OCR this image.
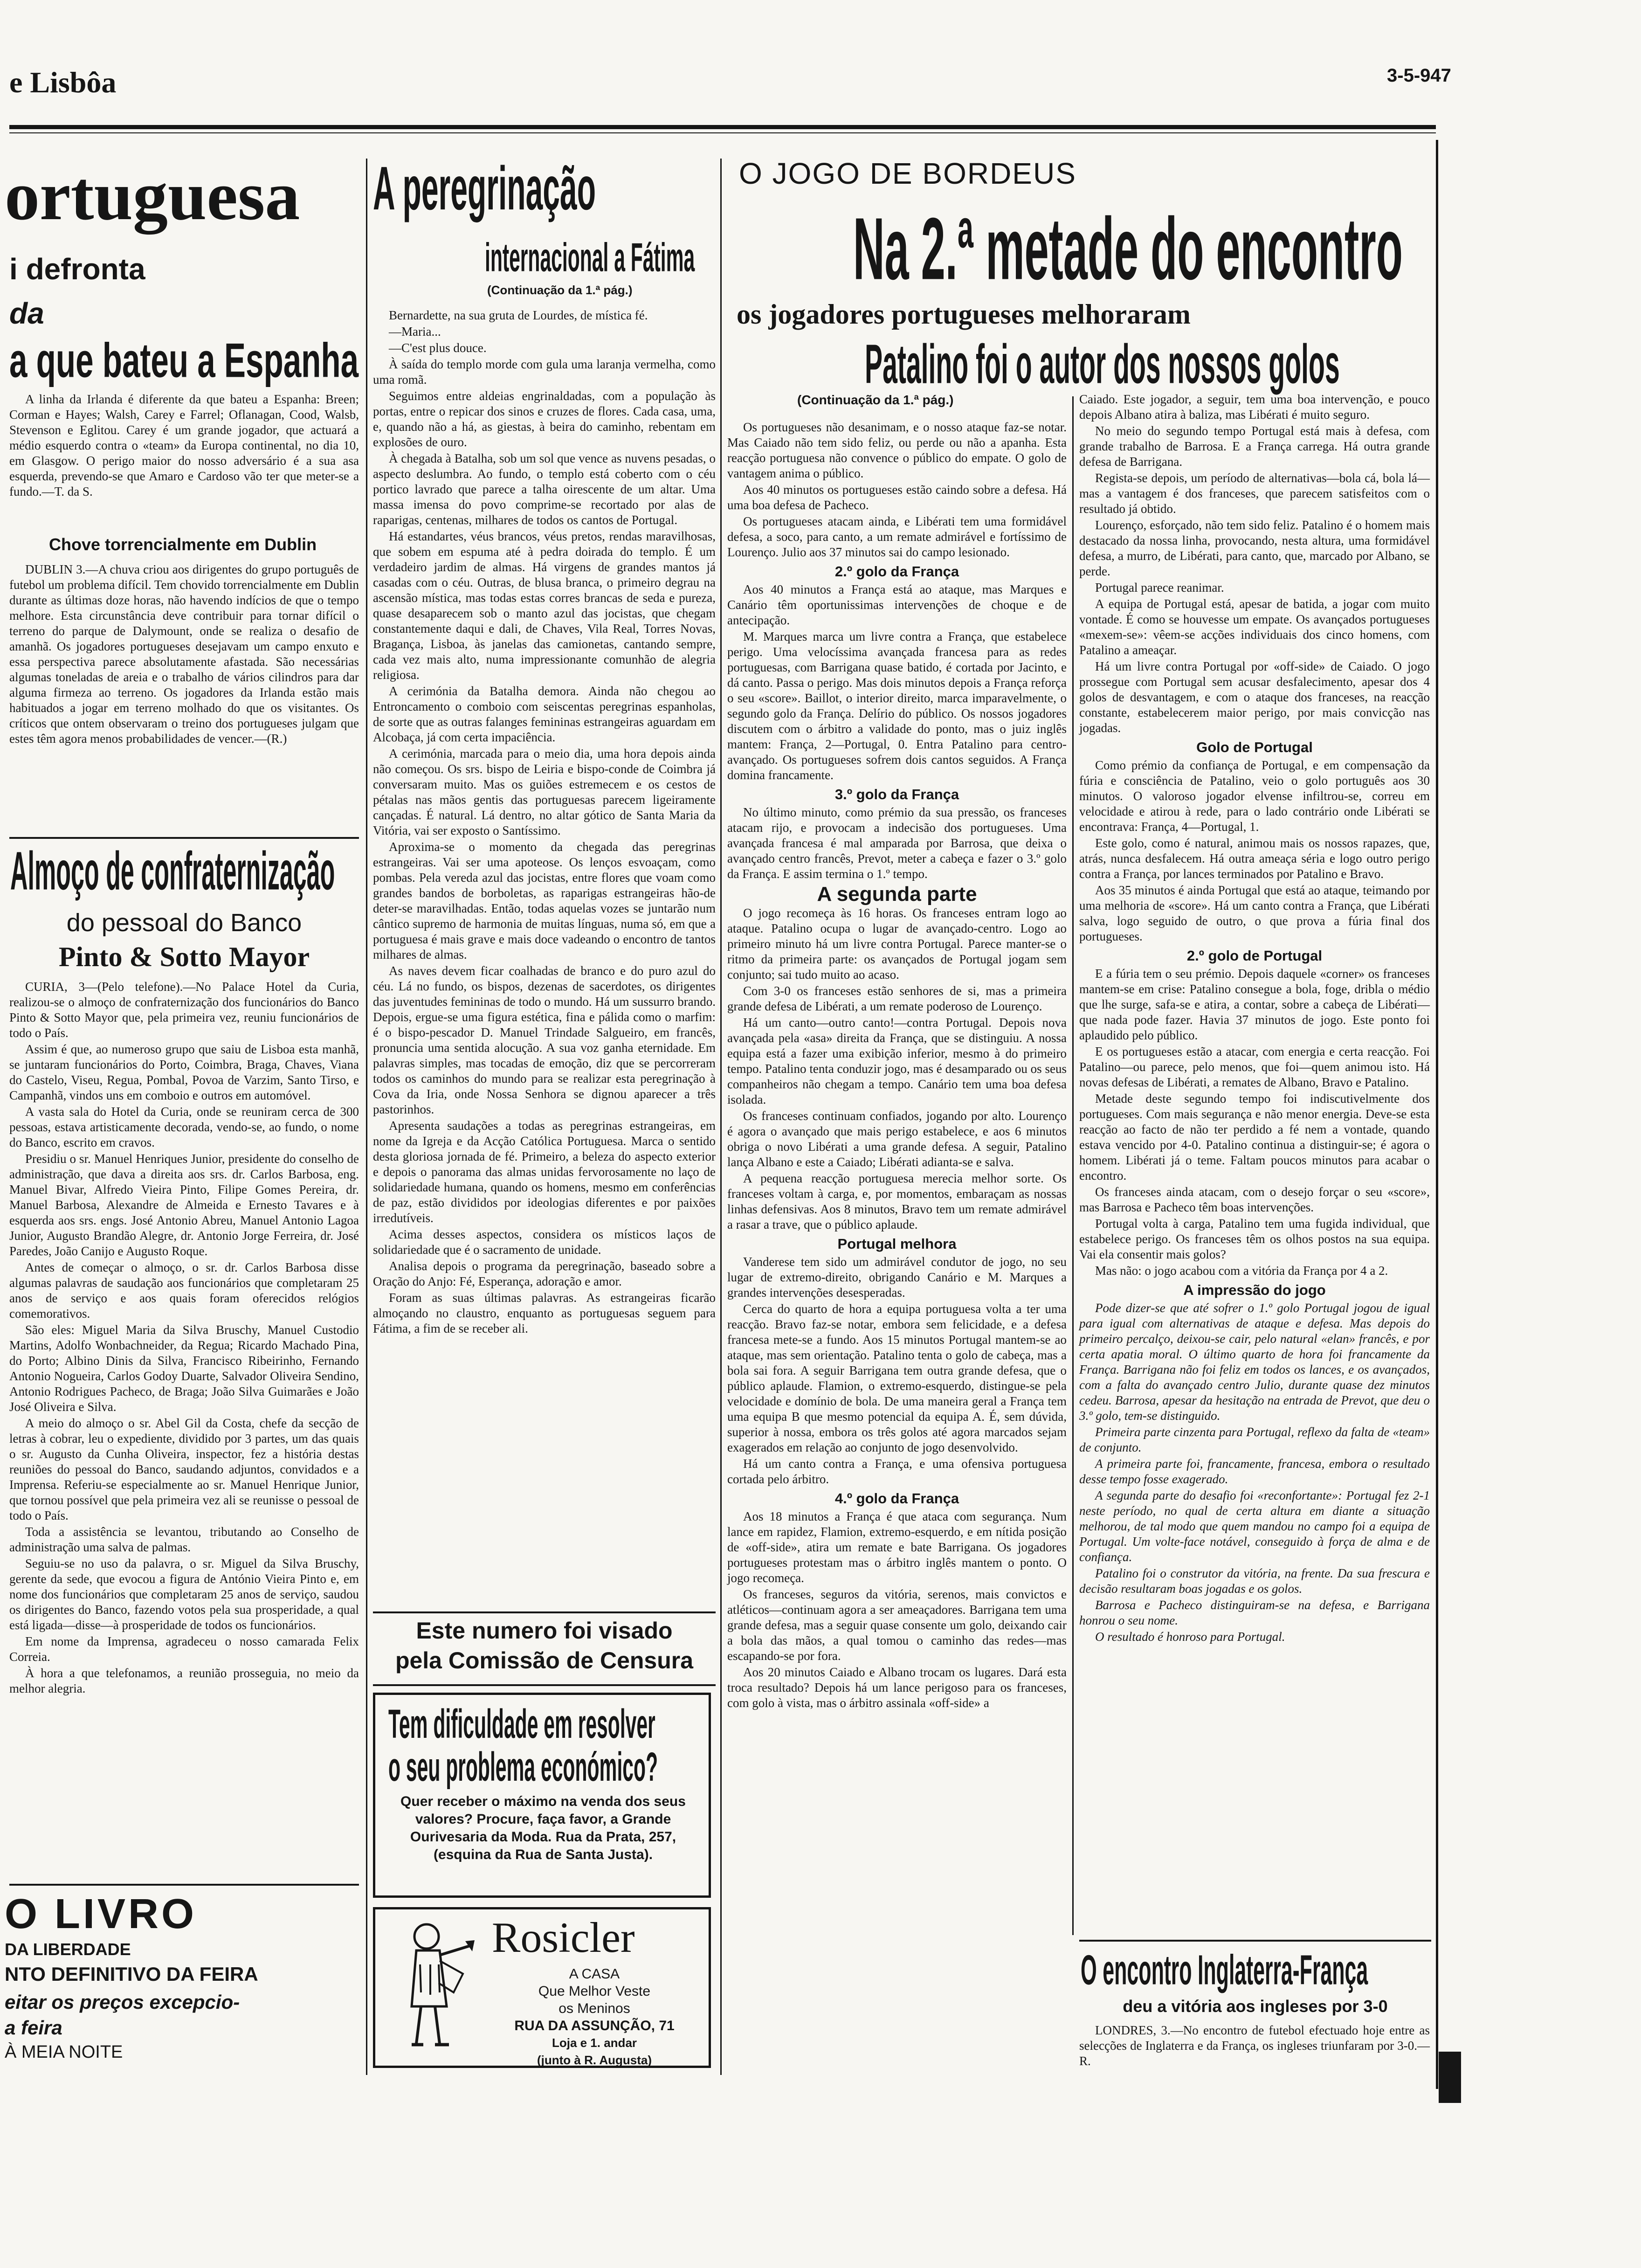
e Lisbôa	3-5-947
ortuguesa
i defronta
da
a que bateu a Espanha

A linha da Irlanda é diferente da que bateu a Espanha: Breen; Corman e Hayes; Walsh, Carey e Farrel; Oflanagan, Cood, Walsb, Stevenson e Eglitou. Carey é um grande jogador, que actuará a médio esquerdo contra o «team» da Europa continental, no dia 10, em Glasgow. O perigo maior do nosso adversário é a sua asa esquerda, prevendo-se que Amaro e Cardoso vão ter que meter-se a fundo.—T. da S.

Chove torrencialmente em Dublin

DUBLIN 3.—A chuva criou aos dirigentes do grupo português de futebol um problema difícil. Tem chovido torrencialmente em Dublin durante as últimas doze horas, não havendo indícios de que o tempo melhore. Esta circunstância deve contribuir para tornar difícil o terreno do parque de Dalymount, onde se realiza o desafio de amanhã. Os jogadores portugueses desejavam um campo enxuto e essa perspectiva parece absolutamente afastada. São necessárias algumas toneladas de areia e o trabalho de vários cilindros para dar alguma firmeza ao terreno. Os jogadores da Irlanda estão mais habituados a jogar em terreno molhado do que os visitantes. Os críticos que ontem observaram o treino dos portugueses julgam que estes têm agora menos probabilidades de vencer.—(R.)

Almoço de confraternização
do pessoal do Banco
Pinto & Sotto Mayor

CURIA, 3—(Pelo telefone).—No Palace Hotel da Curia, realizou-se o almoço de confraternização dos funcionários do Banco Pinto & Sotto Mayor que, pela primeira vez, reuniu funcionários de todo o País.

Assim é que, ao numeroso grupo que saiu de Lisboa esta manhã, se juntaram funcionários do Porto, Coimbra, Braga, Chaves, Viana do Castelo, Viseu, Regua, Pombal, Povoa de Varzim, Santo Tirso, e Campanhã, vindos uns em comboio e outros em automóvel.

A vasta sala do Hotel da Curia, onde se reuniram cerca de 300 pessoas, estava artisticamente decorada, vendo-se, ao fundo, o nome do Banco, escrito em cravos.

Presidiu o sr. Manuel Henriques Junior, presidente do conselho de administração, que dava a direita aos srs. dr. Carlos Barbosa, eng. Manuel Bivar, Alfredo Vieira Pinto, Filipe Gomes Pereira, dr. Manuel Barbosa, Alexandre de Almeida e Ernesto Tavares e à esquerda aos srs. engs. José Antonio Abreu, Manuel Antonio Lagoa Junior, Augusto Brandão Alegre, dr. Antonio Jorge Ferreira, dr. José Paredes, João Canijo e Augusto Roque.

Antes de começar o almoço, o sr. dr. Carlos Barbosa disse algumas palavras de saudação aos funcionários que completaram 25 anos de serviço e aos quais foram oferecidos relógios comemorativos.

São eles: Miguel Maria da Silva Bruschy, Manuel Custodio Martins, Adolfo Wonbachneider, da Regua; Ricardo Machado Pina, do Porto; Albino Dinis da Silva, Francisco Ribeirinho, Fernando Antonio Nogueira, Carlos Godoy Duarte, Salvador Oliveira Sendino, Antonio Rodrigues Pacheco, de Braga; João Silva Guimarães e João José Oliveira e Silva.

A meio do almoço o sr. Abel Gil da Costa, chefe da secção de letras à cobrar, leu o expediente, dividido por 3 partes, um das quais o sr. Augusto da Cunha Oliveira, inspector, fez a história destas reuniões do pessoal do Banco, saudando adjuntos, convidados e a Imprensa. Referiu-se especialmente ao sr. Manuel Henrique Junior, que tornou possível que pela primeira vez ali se reunisse o pessoal de todo o País.

Toda a assistência se levantou, tributando ao Conselho de administração uma salva de palmas.

Seguiu-se no uso da palavra, o sr. Miguel da Silva Bruschy, gerente da sede, que evocou a figura de António Vieira Pinto e, em nome dos funcionários que completaram 25 anos de serviço, saudou os dirigentes do Banco, fazendo votos pela sua prosperidade, a qual está ligada—disse—à prosperidade de todos os funcionários.

Em nome da Imprensa, agradeceu o nosso camarada Felix Correia.

À hora a que telefonamos, a reunião prosseguia, no meio da melhor alegria.

O LIVRO
DA LIBERDADE
NTO DEFINITIVO DA FEIRA
eitar os preços excepcio-
a feira
À MEIA NOITE
A peregrinação
internacional a Fátima
(Continuação da 1.ª pág.)

Bernardette, na sua gruta de Lourdes, de mística fé.

—Maria...

—C'est plus douce.

À saída do templo morde com gula uma laranja vermelha, como uma romã.

Seguimos entre aldeias engrinaldadas, com a população às portas, entre o repicar dos sinos e cruzes de flores. Cada casa, uma, e, quando não a há, as giestas, à beira do caminho, rebentam em explosões de ouro.

À chegada à Batalha, sob um sol que vence as nuvens pesadas, o aspecto deslumbra. Ao fundo, o templo está coberto com o céu portico lavrado que parece a talha oirescente de um altar. Uma massa imensa do povo comprime-se recortado por alas de raparigas, centenas, milhares de todos os cantos de Portugal.

Há estandartes, véus brancos, véus pretos, rendas maravilhosas, que sobem em espuma até à pedra doirada do templo. É um verdadeiro jardim de almas. Há virgens de grandes mantos já casadas com o céu. Outras, de blusa branca, o primeiro degrau na ascensão mística, mas todas estas corres brancas de seda e pureza, quase desaparecem sob o manto azul das jocistas, que chegam constantemente daqui e dali, de Chaves, Vila Real, Torres Novas, Bragança, Lisboa, às janelas das camionetas, cantando sempre, cada vez mais alto, numa impressionante comunhão de alegria religiosa.

A cerimónia da Batalha demora. Ainda não chegou ao Entroncamento o comboio com seiscentas peregrinas espanholas, de sorte que as outras falanges femininas estrangeiras aguardam em Alcobaça, já com certa impaciência.

A cerimónia, marcada para o meio dia, uma hora depois ainda não começou. Os srs. bispo de Leiria e bispo-conde de Coimbra já conversaram muito. Mas os guiões estremecem e os cestos de pétalas nas mãos gentis das portuguesas parecem ligeiramente cançadas. É natural. Lá dentro, no altar gótico de Santa Maria da Vitória, vai ser exposto o Santíssimo.

Aproxima-se o momento da chegada das peregrinas estrangeiras. Vai ser uma apoteose. Os lenços esvoaçam, como pombas. Pela vereda azul das jocistas, entre flores que voam como grandes bandos de borboletas, as raparigas estrangeiras hão-de deter-se maravilhadas. Então, todas aquelas vozes se juntarão num cântico supremo de harmonia de muitas línguas, numa só, em que a portuguesa é mais grave e mais doce vadeando o encontro de tantos milhares de almas.

As naves devem ficar coalhadas de branco e do puro azul do céu. Lá no fundo, os bispos, dezenas de sacerdotes, os dirigentes das juventudes femininas de todo o mundo. Há um sussurro brando. Depois, ergue-se uma figura estética, fina e pálida como o marfim: é o bispo-pescador D. Manuel Trindade Salgueiro, em francês, pronuncia uma sentida alocução. A sua voz ganha eternidade. Em palavras simples, mas tocadas de emoção, diz que se percorreram todos os caminhos do mundo para se realizar esta peregrinação à Cova da Iria, onde Nossa Senhora se dignou aparecer a três pastorinhos.

Apresenta saudações a todas as peregrinas estrangeiras, em nome da Igreja e da Acção Católica Portuguesa. Marca o sentido desta gloriosa jornada de fé. Primeiro, a beleza do aspecto exterior e depois o panorama das almas unidas fervorosamente no laço de solidariedade humana, quando os homens, mesmo em conferências de paz, estão divididos por ideologias diferentes e por paixões irredutíveis.

Acima desses aspectos, considera os místicos laços de solidariedade que é o sacramento de unidade.

Analisa depois o programa da peregrinação, baseado sobre a Oração do Anjo: Fé, Esperança, adoração e amor.

Foram as suas últimas palavras. As estrangeiras ficarão almoçando no claustro, enquanto as portuguesas seguem para Fátima, a fim de se receber ali.

Este numero foi visado
pela Comissão de Censura
Tem dificuldade em resolver
o seu problema económico?
Quer receber o máximo na venda dos seus valores? Procure, faça favor, a Grande Ourivesaria da Moda. Rua da Prata, 257, (esquina da Rua de Santa Justa).
Rosicler
A CASA
Que Melhor Veste
os Meninos
RUA DA ASSUNÇÃO, 71
Loja e 1. andar
(junto à R. Augusta)
O JOGO DE BORDEUS
Na 2.ª metade do encontro
os jogadores portugueses melhoraram
Patalino foi o autor dos nossos golos
(Continuação da 1.ª pág.)

Os portugueses não desanimam, e o nosso ataque faz-se notar. Mas Caiado não tem sido feliz, ou perde ou não a apanha. Esta reacção portuguesa não convence o público do empate. O golo de vantagem anima o público.

Aos 40 minutos os portugueses estão caindo sobre a defesa. Há uma boa defesa de Pacheco.

Os portugueses atacam ainda, e Libérati tem uma formidável defesa, a soco, para canto, a um remate admirável e fortíssimo de Lourenço. Julio aos 37 minutos sai do campo lesionado.

2.º golo da França

Aos 40 minutos a França está ao ataque, mas Marques e Canário têm oportunissimas intervenções de choque e de antecipação.

M. Marques marca um livre contra a França, que estabelece perigo. Uma velocíssima avançada francesa para as redes portuguesas, com Barrigana quase batido, é cortada por Jacinto, e dá canto. Passa o perigo. Mas dois minutos depois a França reforça o seu «score». Baillot, o interior direito, marca imparavelmente, o segundo golo da França. Delírio do público. Os nossos jogadores discutem com o árbitro a validade do ponto, mas o juiz inglês mantem: França, 2—Portugal, 0. Entra Patalino para centro-avançado. Os portugueses sofrem dois cantos seguidos. A França domina francamente.

3.º golo da França

No último minuto, como prémio da sua pressão, os franceses atacam rijo, e provocam a indecisão dos portugueses. Uma avançada francesa é mal amparada por Barrosa, que deixa o avançado centro francês, Prevot, meter a cabeça e fazer o 3.º golo da França. E assim termina o 1.º tempo.

A segunda parte

O jogo recomeça às 16 horas. Os franceses entram logo ao ataque. Patalino ocupa o lugar de avançado-centro. Logo ao primeiro minuto há um livre contra Portugal. Parece manter-se o ritmo da primeira parte: os avançados de Portugal jogam sem conjunto; sai tudo muito ao acaso.

Com 3-0 os franceses estão senhores de si, mas a primeira grande defesa de Libérati, a um remate poderoso de Lourenço.

Há um canto—outro canto!—contra Portugal. Depois nova avançada pela «asa» direita da França, que se distinguiu. A nossa equipa está a fazer uma exibição inferior, mesmo à do primeiro tempo. Patalino tenta conduzir jogo, mas é desamparado ou os seus companheiros não chegam a tempo. Canário tem uma boa defesa isolada.

Os franceses continuam confiados, jogando por alto. Lourenço é agora o avançado que mais perigo estabelece, e aos 6 minutos obriga o novo Libérati a uma grande defesa. A seguir, Patalino lança Albano e este a Caiado; Libérati adianta-se e salva.

A pequena reacção portuguesa merecia melhor sorte. Os franceses voltam à carga, e, por momentos, embaraçam as nossas linhas defensivas. Aos 8 minutos, Bravo tem um remate admirável a rasar a trave, que o público aplaude.

Portugal melhora

Vanderese tem sido um admirável condutor de jogo, no seu lugar de extremo-direito, obrigando Canário e M. Marques a grandes intervenções desesperadas.

Cerca do quarto de hora a equipa portuguesa volta a ter uma reacção. Bravo faz-se notar, embora sem felicidade, e a defesa francesa mete-se a fundo. Aos 15 minutos Portugal mantem-se ao ataque, mas sem orientação. Patalino tenta o golo de cabeça, mas a bola sai fora. A seguir Barrigana tem outra grande defesa, que o público aplaude. Flamion, o extremo-esquerdo, distingue-se pela velocidade e domínio de bola. De uma maneira geral a França tem uma equipa B que mesmo potencial da equipa A. É, sem dúvida, superior à nossa, embora os três golos até agora marcados sejam exagerados em relação ao conjunto de jogo desenvolvido.

Há um canto contra a França, e uma ofensiva portuguesa cortada pelo árbitro.

4.º golo da França

Aos 18 minutos a França é que ataca com segurança. Num lance em rapidez, Flamion, extremo-esquerdo, e em nítida posição de «off-side», atira um remate e bate Barrigana. Os jogadores portugueses protestam mas o árbitro inglês mantem o ponto. O jogo recomeça.

Os franceses, seguros da vitória, serenos, mais convictos e atléticos—continuam agora a ser ameaçadores. Barrigana tem uma grande defesa, mas a seguir quase consente um golo, deixando cair a bola das mãos, a qual tomou o caminho das redes—mas escapando-se por fora.

Aos 20 minutos Caiado e Albano trocam os lugares. Dará esta troca resultado? Depois há um lance perigoso para os franceses, com golo à vista, mas o árbitro assinala «off-side» a

Caiado. Este jogador, a seguir, tem uma boa intervenção, e pouco depois Albano atira à baliza, mas Libérati é muito seguro.

No meio do segundo tempo Portugal está mais à defesa, com grande trabalho de Barrosa. E a França carrega. Há outra grande defesa de Barrigana.

Regista-se depois, um período de alternativas—bola cá, bola lá—mas a vantagem é dos franceses, que parecem satisfeitos com o resultado já obtido.

Lourenço, esforçado, não tem sido feliz. Patalino é o homem mais destacado da nossa linha, provocando, nesta altura, uma formidável defesa, a murro, de Libérati, para canto, que, marcado por Albano, se perde.

Portugal parece reanimar.

A equipa de Portugal está, apesar de batida, a jogar com muito vontade. É como se houvesse um empate. Os avançados portugueses «mexem-se»: vêem-se acções individuais dos cinco homens, com Patalino a ameaçar.

Há um livre contra Portugal por «off-side» de Caiado. O jogo prossegue com Portugal sem acusar desfalecimento, apesar dos 4 golos de desvantagem, e com o ataque dos franceses, na reacção constante, estabelecerem maior perigo, por mais convicção nas jogadas.

Golo de Portugal

Como prémio da confiança de Portugal, e em compensação da fúria e consciência de Patalino, veio o golo português aos 30 minutos. O valoroso jogador elvense infiltrou-se, correu em velocidade e atirou à rede, para o lado contrário onde Libérati se encontrava: França, 4—Portugal, 1.

Este golo, como é natural, animou mais os nossos rapazes, que, atrás, nunca desfalecem. Há outra ameaça séria e logo outro perigo contra a França, por lances terminados por Patalino e Bravo.

Aos 35 minutos é ainda Portugal que está ao ataque, teimando por uma melhoria de «score». Há um canto contra a França, que Libérati salva, logo seguido de outro, o que prova a fúria final dos portugueses.

2.º golo de Portugal

E a fúria tem o seu prémio. Depois daquele «corner» os franceses mantem-se em crise: Patalino consegue a bola, foge, dribla o médio que lhe surge, safa-se e atira, a contar, sobre a cabeça de Libérati—que nada pode fazer. Havia 37 minutos de jogo. Este ponto foi aplaudido pelo público.

E os portugueses estão a atacar, com energia e certa reacção. Foi Patalino—ou parece, pelo menos, que foi—quem animou isto. Há novas defesas de Libérati, a remates de Albano, Bravo e Patalino.

Metade deste segundo tempo foi indiscutivelmente dos portugueses. Com mais segurança e não menor energia. Deve-se esta reacção ao facto de não ter perdido a fé nem a vontade, quando estava vencido por 4-0. Patalino continua a distinguir-se; é agora o homem. Libérati já o teme. Faltam poucos minutos para acabar o encontro.

Os franceses ainda atacam, com o desejo forçar o seu «score», mas Barrosa e Pacheco têm boas intervenções.

Portugal volta à carga, Patalino tem uma fugida individual, que estabelece perigo. Os franceses têm os olhos postos na sua equipa. Vai ela consentir mais golos?

Mas não: o jogo acabou com a vitória da França por 4 a 2.

A impressão do jogo

Pode dizer-se que até sofrer o 1.º golo Portugal jogou de igual para igual com alternativas de ataque e defesa. Mas depois do primeiro percalço, deixou-se cair, pelo natural «elan» francês, e por certa apatia moral. O último quarto de hora foi francamente da França. Barrigana não foi feliz em todos os lances, e os avançados, com a falta do avançado centro Julio, durante quase dez minutos cedeu. Barrosa, apesar da hesitação na entrada de Prevot, que deu o 3.º golo, tem-se distinguido.

Primeira parte cinzenta para Portugal, reflexo da falta de «team» de conjunto.

A primeira parte foi, francamente, francesa, embora o resultado desse tempo fosse exagerado.

A segunda parte do desafio foi «reconfortante»: Portugal fez 2-1 neste período, no qual de certa altura em diante a situação melhorou, de tal modo que quem mandou no campo foi a equipa de Portugal. Um volte-face notável, conseguido à força de alma e de confiança.

Patalino foi o construtor da vitória, na frente. Da sua frescura e decisão resultaram boas jogadas e os golos.

Barrosa e Pacheco distinguiram-se na defesa, e Barrigana honrou o seu nome.

O resultado é honroso para Portugal.

O encontro Inglaterra-França
deu a vitória aos ingleses por 3-0

LONDRES, 3.—No encontro de futebol efectuado hoje entre as selecções de Inglaterra e da França, os ingleses triunfaram por 3-0.—R.
